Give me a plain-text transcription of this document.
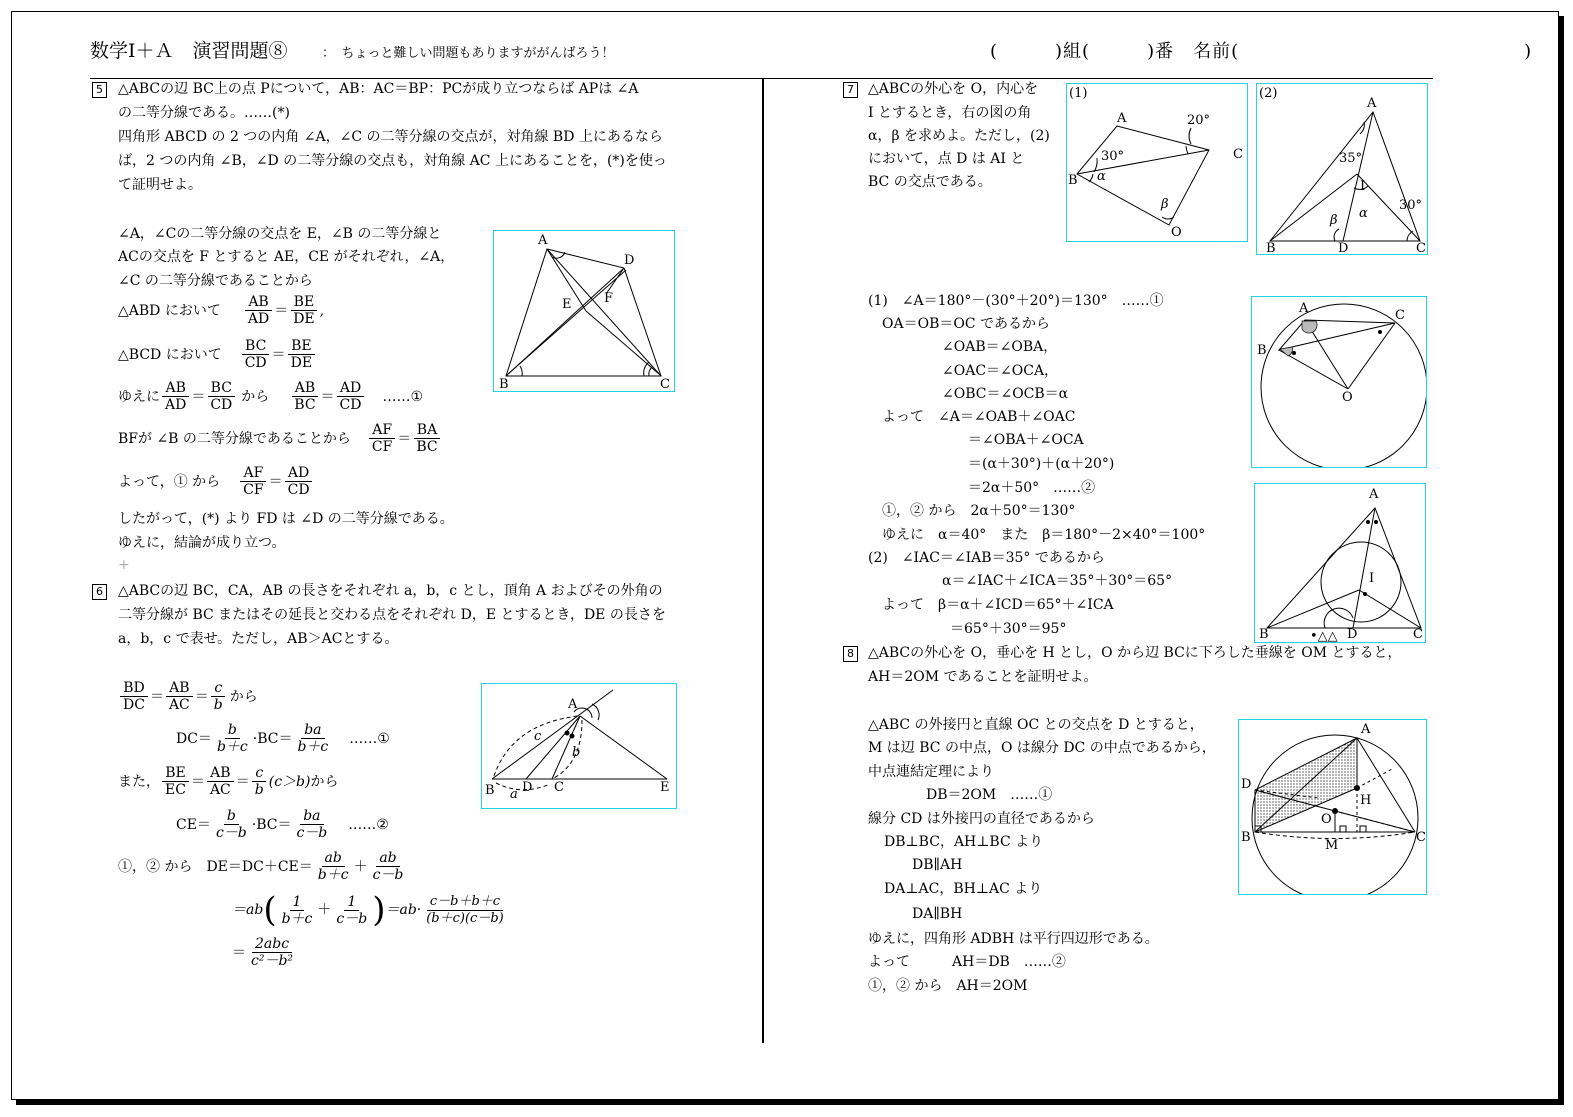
数学Ⅰ＋Ａ　演習問題⑧	：　ちょっと難しい問題もありますががんばろう！	(　　　)組(　　　)番　名前(　　　　　　　　　　　　　　　)
5 △ABCの辺 BC上の点 Pについて，AB：AC＝BP：PCが成り立つならば APは ∠A
の二等分線である。……(*)
四角形 ABCD の 2 つの内角 ∠A，∠C の二等分線の交点が，対角線 BD 上にあるなら
ば，2 つの内角 ∠B，∠D の二等分線の交点も，対角線 AC 上にあることを，(*)を使っ
て証明せよ。
∠A，∠Cの二等分線の交点を E，∠B の二等分線と
ACの交点を F とすると AE，CE がそれぞれ，∠A，
∠C の二等分線であることから
△ABD において $\frac{AB}{AD} = \frac{BE}{DE}$ ,
△BCD において $\frac{BC}{CD} = \frac{BE}{DE}$
ゆえに $\frac{AB}{AD} = \frac{BC}{CD}$ から $\frac{AB}{BC} = \frac{AD}{CD}$ ……①
BFが ∠B の二等分線であることから $\frac{AF}{CF} = \frac{BA}{BC}$
よって，① から $\frac{AF}{CF} = \frac{AD}{CD}$
したがって，(*) より FD は ∠D の二等分線である。
ゆえに，結論が成り立つ。
+
A
D
E	F
B	C
6 △ABCの辺 BC，CA，AB の長さをそれぞれ a，b，c とし，頂角 A およびその外角の
二等分線が BC またはその延長と交わる点をそれぞれ D，E とするとき，DE の長さを
a，b，c で表せ。ただし，AB＞ACとする。
$\frac{BD}{DC} = \frac{AB}{AC} = \frac{c}{b}$ から
$DC= \frac{b}{b+c} \cdot BC= \frac{ba}{b+c}$ ……①
また， $\frac{BE}{EC} = \frac{AB}{AC} = \frac{c}{b} (c>b)$ から
$CE= \frac{b}{c-b} \cdot BC= \frac{ba}{c-b}$ ……②
①，② から　$DE=DC+CE= \frac{ab}{b+c} + \frac{ab}{c-b}$
＝ab ( $\frac{1}{b+c} + \frac{1}{c-b}$ ) $=ab\cdot \frac{c-b+b+c}{(b+c)(c-b)}$
＝ $\frac{\text{2abc}}{\text{c²－b²}}$
A
c
b
B a D C	E
7 △ABCの外心を O，内心を
I とするとき，右の図の角
α，β を求めよ。ただし，(2)
において，点 D は AI と
BC の交点である。
(1)
A	20°
30°	C
B α
β
O
(2)
A
35°
I
α
30°
β
B	D	C
(1)　∠A＝180°－(30°＋20°)＝130°　……①
OA＝OB＝OC であるから
∠OAB＝∠OBA，
∠OAC＝∠OCA，
∠OBC＝∠OCB＝α
よって　∠A＝∠OAB＋∠OAC
＝∠OBA＋∠OCA
＝(α＋30°)＋(α＋20°)
＝2α＋50°　……②
①，② から　2α＋50°＝130°
ゆえに　α＝40°　また　β＝180°－2×40°＝100°
(2)　∠IAC＝∠IAB＝35° であるから
α＝∠IAC＋∠ICA＝35°＋30°＝65°
よって　β＝α＋∠ICD＝65°＋∠ICA
＝65°＋30°＝95°
A	C
B
O
A
I
B	D	C
•△△
8 △ABCの外心を O，垂心を H とし，O から辺 BCに下ろした垂線を OM とすると，
AH＝2OM であることを証明せよ。
△ABC の外接円と直線 OC との交点を D とすると，
M は辺 BC の中点，O は線分 DC の中点であるから，
中点連結定理により
DB＝2OM　……①
線分 CD は外接円の直径であるから
DB⊥BC，AH⊥BC より
DB∥AH
DA⊥AC，BH⊥AC より
DA∥BH
ゆえに，四角形 ADBH は平行四辺形である。
よって　　　AH＝DB　……②
①，② から　AH＝2OM
A
D
H
O
B
M
C
